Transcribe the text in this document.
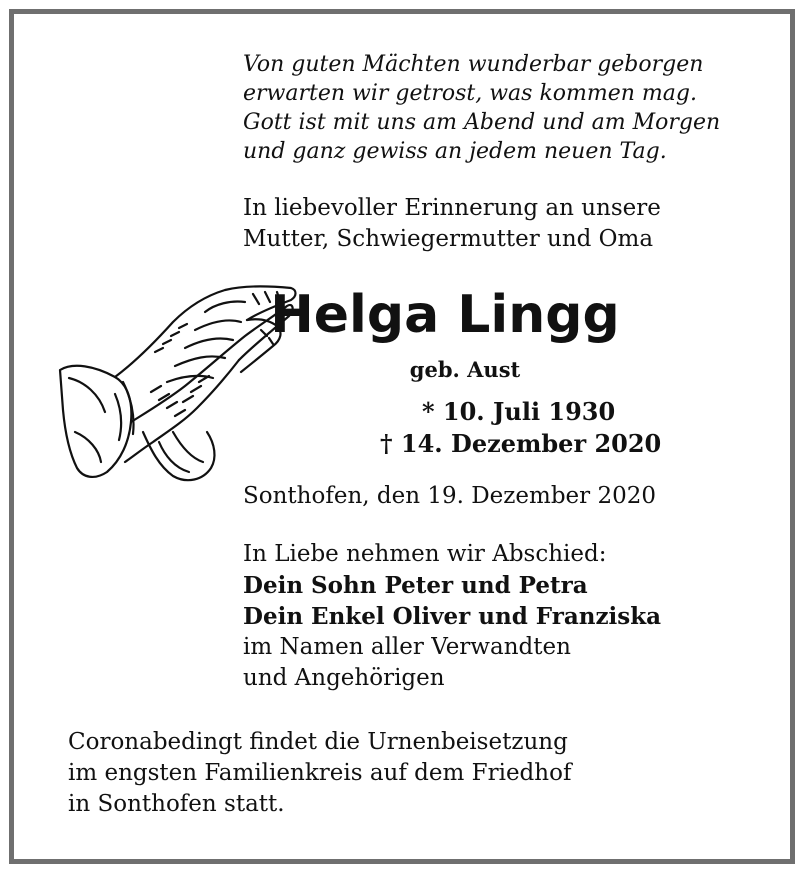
Von guten Mächten wunderbar geborgen
erwarten wir getrost, was kommen mag.
Gott ist mit uns am Abend und am Morgen
und ganz gewiss an jedem neuen Tag.
In liebevoller Erinnerung an unsere
Mutter, Schwiegermutter und Oma
Helga Lingg
geb. Aust
* 10. Juli 1930
† 14. Dezember 2020
Sonthofen, den 19. Dezember 2020
In Liebe nehmen wir Abschied:
Dein Sohn Peter und Petra
Dein Enkel Oliver und Franziska
im Namen aller Verwandten
und Angehörigen
Coronabedingt findet die Urnenbeisetzung
im engsten Familienkreis auf dem Friedhof
in Sonthofen statt.
